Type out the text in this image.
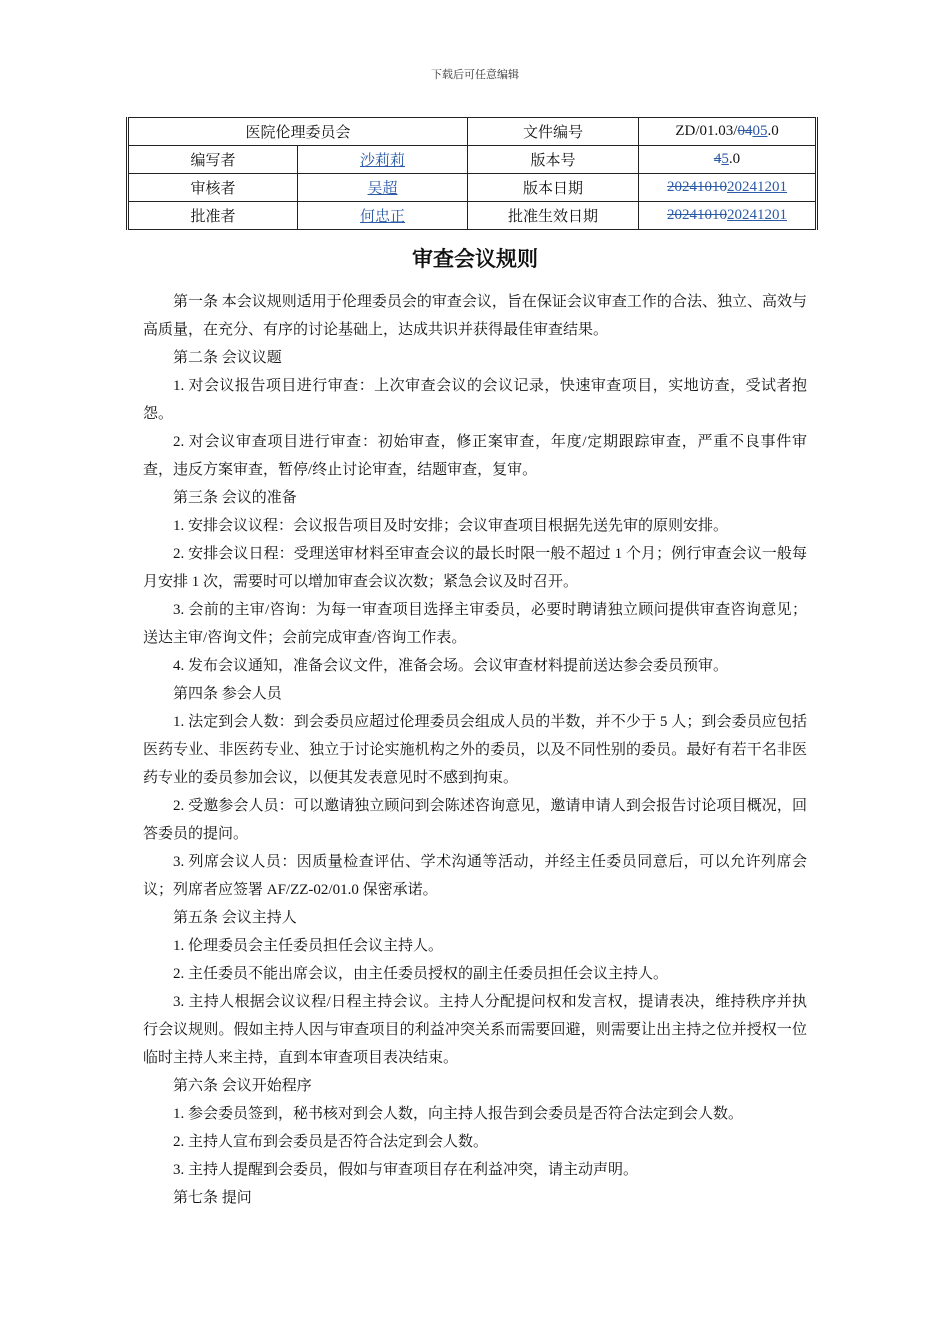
下载后可任意编辑
医院伦理委员会		文件编号	ZD/01.03/0405.0
编写者	沙莉莉	版本号	45.0
审核者	吴超	版本日期	2024101020241201
批准者	何忠正	批准生效日期	2024101020241201
审查会议规则

第一条 本会议规则适用于伦理委员会的审查会议，旨在保证会议审查工作的合法、独立、高效与高质量，在充分、有序的讨论基础上，达成共识并获得最佳审查结果。

第二条 会议议题

1. 对会议报告项目进行审查：上次审查会议的会议记录，快速审查项目，实地访查，受试者抱怨。

2. 对会议审查项目进行审查：初始审查，修正案审查，年度/定期跟踪审查，严重不良事件审查，违反方案审查，暂停/终止讨论审查，结题审查，复审。

第三条 会议的准备

1. 安排会议议程：会议报告项目及时安排；会议审查项目根据先送先审的原则安排。

2. 安排会议日程：受理送审材料至审查会议的最长时限一般不超过 1 个月；例行审查会议一般每月安排 1 次，需要时可以增加审查会议次数；紧急会议及时召开。

3. 会前的主审/咨询：为每一审查项目选择主审委员，必要时聘请独立顾问提供审查咨询意见；送达主审/咨询文件；会前完成审查/咨询工作表。

4. 发布会议通知，准备会议文件，准备会场。会议审查材料提前送达参会委员预审。

第四条 参会人员

1. 法定到会人数：到会委员应超过伦理委员会组成人员的半数，并不少于 5 人；到会委员应包括医药专业、非医药专业、独立于讨论实施机构之外的委员，以及不同性别的委员。最好有若干名非医药专业的委员参加会议，以便其发表意见时不感到拘束。

2. 受邀参会人员：可以邀请独立顾问到会陈述咨询意见，邀请申请人到会报告讨论项目概况，回答委员的提问。

3. 列席会议人员：因质量检查评估、学术沟通等活动，并经主任委员同意后，可以允许列席会议；列席者应签署 AF/ZZ-02/01.0 保密承诺。

第五条 会议主持人

1. 伦理委员会主任委员担任会议主持人。

2. 主任委员不能出席会议，由主任委员授权的副主任委员担任会议主持人。

3. 主持人根据会议议程/日程主持会议。主持人分配提问权和发言权，提请表决，维持秩序并执行会议规则。假如主持人因与审查项目的利益冲突关系而需要回避，则需要让出主持之位并授权一位临时主持人来主持，直到本审查项目表决结束。

第六条 会议开始程序

1. 参会委员签到，秘书核对到会人数，向主持人报告到会委员是否符合法定到会人数。

2. 主持人宣布到会委员是否符合法定到会人数。

3. 主持人提醒到会委员，假如与审查项目存在利益冲突，请主动声明。

第七条 提问
